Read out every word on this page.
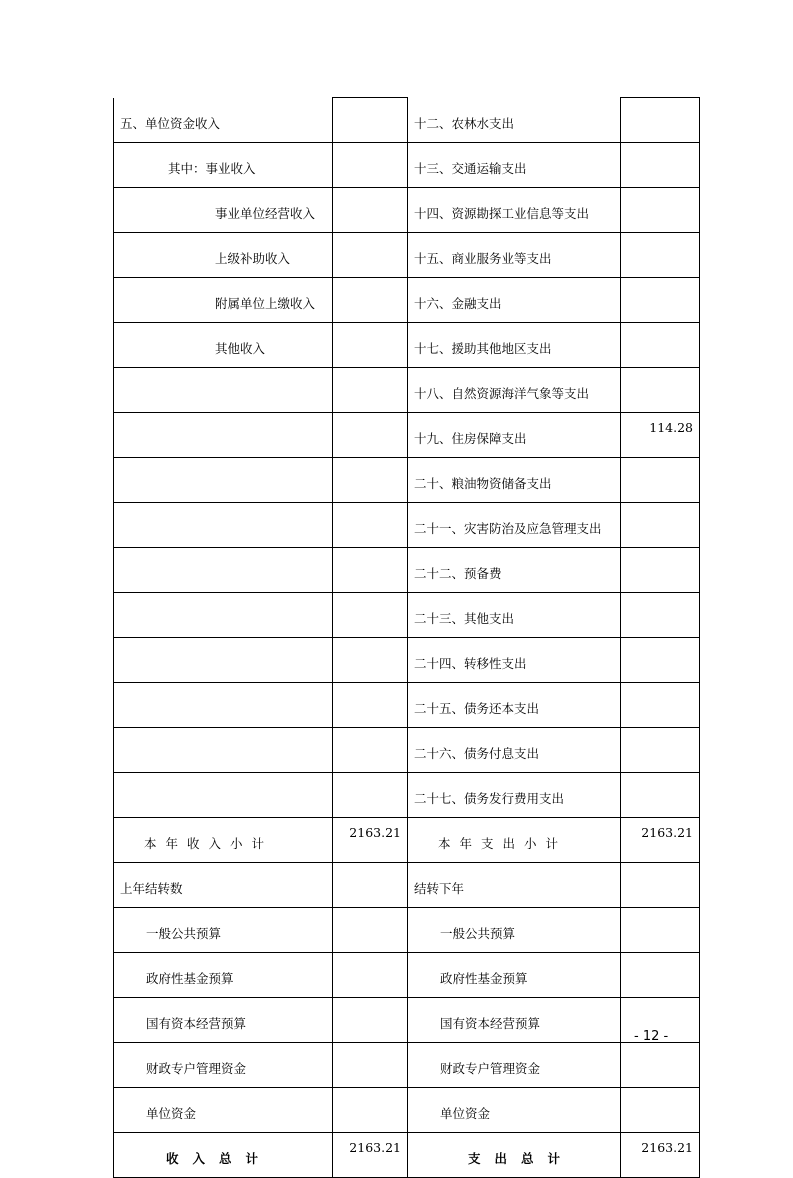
五、单位资金收入		十二、农林水支出	
其中：事业收入		十三、交通运输支出	
事业单位经营收入		十四、资源勘探工业信息等支出	
上级补助收入		十五、商业服务业等支出	
附属单位上缴收入		十六、金融支出	
其他收入		十七、援助其他地区支出	
		十八、自然资源海洋气象等支出	
		十九、住房保障支出	114.28
		二十、粮油物资储备支出	
		二十一、灾害防治及应急管理支出	
		二十二、预备费	
		二十三、其他支出	
		二十四、转移性支出	
		二十五、债务还本支出	
		二十六、债务付息支出	
		二十七、债务发行费用支出	
本年收入小计	2163.21	本年支出小计	2163.21
上年结转数		结转下年	
一般公共预算		一般公共预算	
政府性基金预算		政府性基金预算	
国有资本经营预算		国有资本经营预算	
财政专户管理资金		财政专户管理资金	
单位资金		单位资金	
收入总计	2163.21	支出总计	2163.21
- 12 -
